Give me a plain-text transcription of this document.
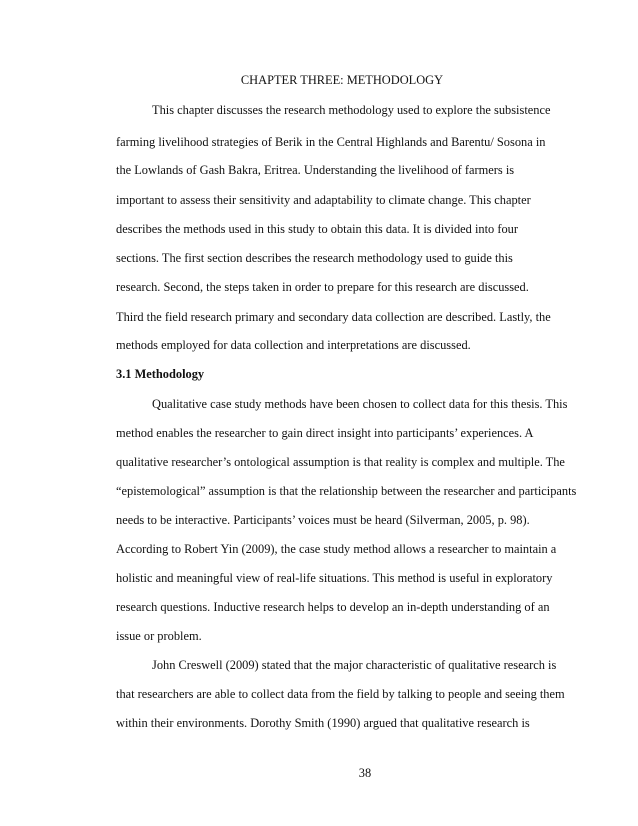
CHAPTER THREE: METHODOLOGY
This chapter discusses the research methodology used to explore the subsistence
farming livelihood strategies of Berik in the Central Highlands and Barentu/ Sosona in
the Lowlands of Gash Bakra, Eritrea. Understanding the livelihood of farmers is
important to assess their sensitivity and adaptability to climate change. This chapter
describes the methods used in this study to obtain this data. It is divided into four
sections. The first section describes the research methodology used to guide this
research. Second, the steps taken in order to prepare for this research are discussed.
Third the field research primary and secondary data collection are described. Lastly, the
methods employed for data collection and interpretations are discussed.
3.1 Methodology
Qualitative case study methods have been chosen to collect data for this thesis. This
method enables the researcher to gain direct insight into participants’ experiences. A
qualitative researcher’s ontological assumption is that reality is complex and multiple. The
“epistemological” assumption is that the relationship between the researcher and participants
needs to be interactive. Participants’ voices must be heard (Silverman, 2005, p. 98).
According to Robert Yin (2009), the case study method allows a researcher to maintain a
holistic and meaningful view of real-life situations. This method is useful in exploratory
research questions. Inductive research helps to develop an in-depth understanding of an
issue or problem.
John Creswell (2009) stated that the major characteristic of qualitative research is
that researchers are able to collect data from the field by talking to people and seeing them
within their environments. Dorothy Smith (1990) argued that qualitative research is
38
